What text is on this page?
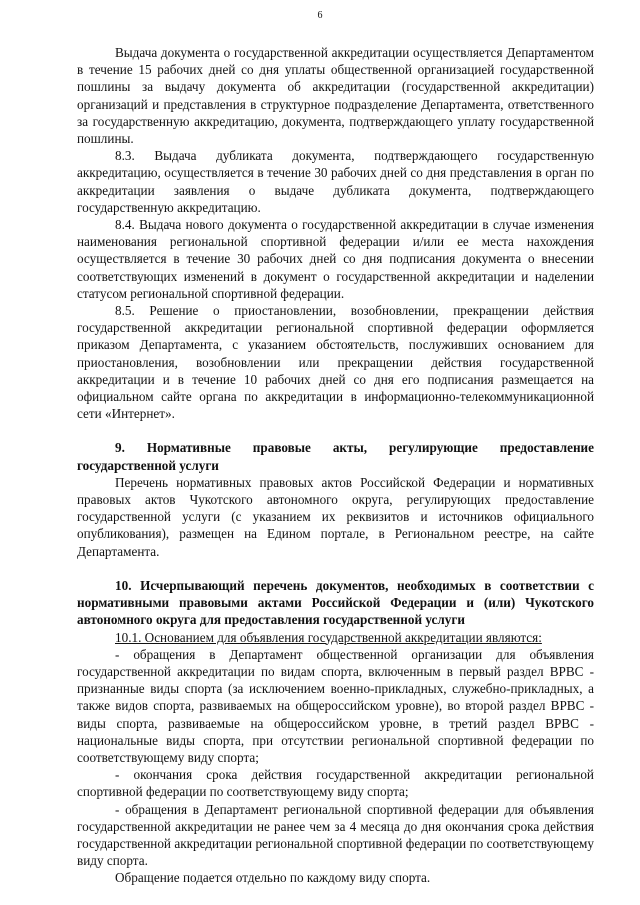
6

Выдача документа о государственной аккредитации осуществляется Департаментом в течение 15 рабочих дней со дня уплаты общественной организацией государственной пошлины за выдачу документа об аккредитации (государственной аккредитации) организаций и представления в структурное подразделение Департамента, ответственного за государственную аккредитацию, документа, подтверждающего уплату государственной пошлины.

8.3. Выдача дубликата документа, подтверждающего государственную аккредитацию, осуществляется в течение 30 рабочих дней со дня представления в орган по аккредитации заявления о выдаче дубликата документа, подтверждающего государственную аккредитацию.

8.4. Выдача нового документа о государственной аккредитации в случае изменения наименования региональной спортивной федерации и/или ее места нахождения осуществляется в течение 30 рабочих дней со дня подписания документа о внесении соответствующих изменений в документ о государственной аккредитации и наделении статусом региональной спортивной федерации.

8.5. Решение о приостановлении, возобновлении, прекращении действия государственной аккредитации региональной спортивной федерации оформляется приказом Департамента, с указанием обстоятельств, послуживших основанием для приостановления, возобновлении или прекращении действия государственной аккредитации и в течение 10 рабочих дней со дня его подписания размещается на официальном сайте органа по аккредитации в информационно-телекоммуникационной сети «Интернет».

9. Нормативные правовые акты, регулирующие предоставление государственной услуги

Перечень нормативных правовых актов Российской Федерации и нормативных правовых актов Чукотского автономного округа, регулирующих предоставление государственной услуги (с указанием их реквизитов и источников официального опубликования), размещен на Едином портале, в Региональном реестре, на сайте Департамента.

10. Исчерпывающий перечень документов, необходимых в соответствии с нормативными правовыми актами Российской Федерации и (или) Чукотского автономного округа для предоставления государственной услуги

10.1. Основанием для объявления государственной аккредитации являются:

- обращения в Департамент общественной организации для объявления государственной аккредитации по видам спорта, включенным в первый раздел ВРВС - признанные виды спорта (за исключением военно-прикладных, служебно-прикладных, а также видов спорта, развиваемых на общероссийском уровне), во второй раздел ВРВС - виды спорта, развиваемые на общероссийском уровне, в третий раздел ВРВС - национальные виды спорта, при отсутствии региональной спортивной федерации по соответствующему виду спорта;

- окончания срока действия государственной аккредитации региональной спортивной федерации по соответствующему виду спорта;

- обращения в Департамент региональной спортивной федерации для объявления государственной аккредитации не ранее чем за 4 месяца до дня окончания срока действия государственной аккредитации региональной спортивной федерации по соответствующему виду спорта.

Обращение подается отдельно по каждому виду спорта.
